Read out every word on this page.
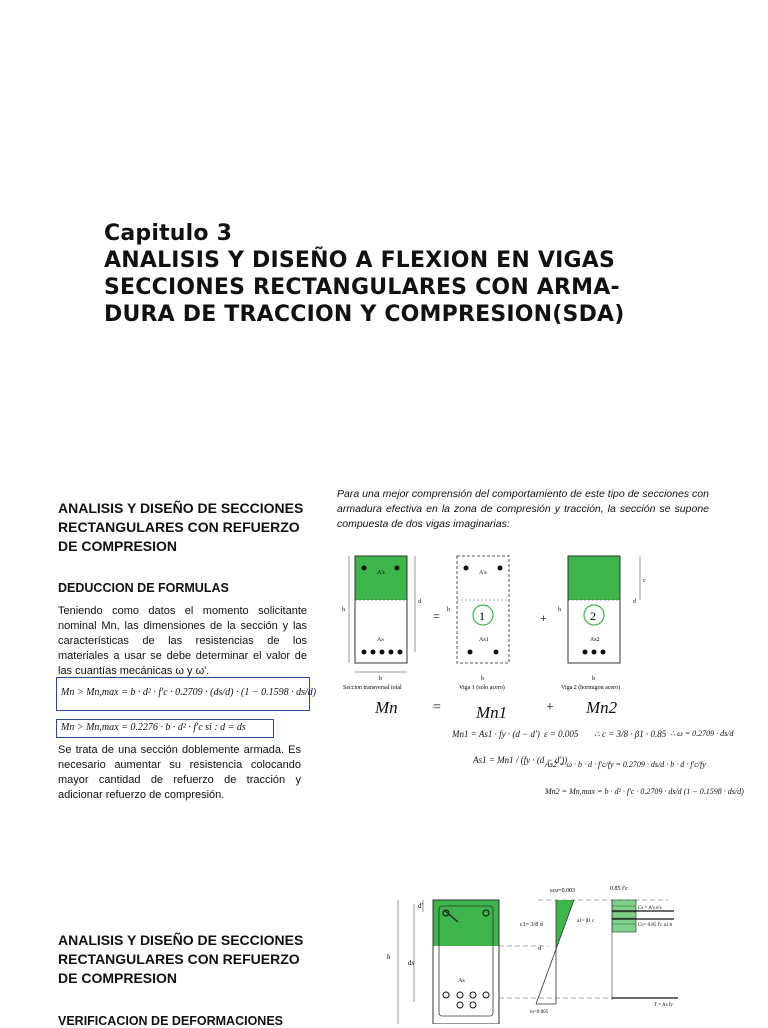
Capitulo 3
ANALISIS Y DISEÑO A FLEXION EN VIGAS
SECCIONES RECTANGULARES CON ARMA-
DURA DE TRACCION Y COMPRESION(SDA)
ANALISIS Y DISEÑO DE SECCIONES RECTANGULARES CON REFUERZO DE COMPRESION
DEDUCCION DE FORMULAS

Teniendo como datos el momento solicitante nominal Mn, las dimensiones de la sección y las características de las resistencias de los materiales a usar se debe determinar el valor de las cuantías mecánicas ω y ω'.

Mn > Mn,max = b · d² · f'c · 0.2709 · (ds/d) · (1 − 0.1598 · ds/d)
Mn > Mn,max = 0.2276 · b · d² · f'c si : d = ds

Se trata de una sección doblemente armada. Es necesario aumentar su resistencia colocando mayor cantidad de refuerzo de tracción y adicionar refuerzo de compresión.

Para una mejor comprensión del comportamiento de este tipo de secciones con armadura efectiva en la zona de compresión y tracción, la sección se supone compuesta de dos vigas imaginarias:

A's
As
h
d
b
=	1
A's
As1
h
b
+	2
As2
h
d
c
b
Seccion transversal total	Viga 1 (solo acero)	Viga 2 (hormigon acero)
Mn	= Mn1	+ Mn2
Mn1 = As1 · fy · (d − d') ε = 0.005 ∴ c = 3/8 · β1 · 0.85 ∴ ω = 0.2709 · ds/d
As1 = Mn1 / (fy · (d − d'))
As2 = ω · b · d · f'c/fy = 0.2709 · ds/d · b · d · f'c/fy
Mn2 = Mn,max = b · d² · f'c · 0.2709 · ds/d (1 − 0.1598 · ds/d)
ANALISIS Y DISEÑO DE SECCIONES RECTANGULARES CON REFUERZO DE COMPRESION
VERIFICACION DE DEFORMACIONES
h
ds
d'
As
εcu=0.003
c1= 3/8 d
a1= β1 c
εs=0.005
d
0.85 f'c
Cs = A's σ's
Cc= 0.85 f'c a1 b
T = As fy
